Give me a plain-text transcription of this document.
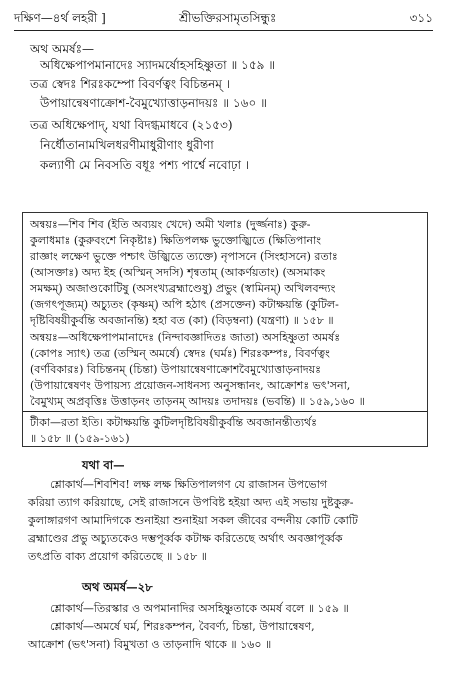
দক্ষিণ—৪র্থ লহরী ]	শ্রীভক্তিরসামৃতসিন্ধুঃ	৩১১
অথ অমর্ষঃ—
অধিক্ষেপাপমানাদেঃ স্যাদমর্ষোহসহিষ্ণুতা ॥ ১৫৯ ॥
তত্র স্বেদঃ শিরঃকম্পো বিবর্ণত্বং বিচিন্তনম্ ।
উপায়ান্বেষণাক্রোশ-বৈমুখ্যোত্তাড়নাদয়ঃ ॥ ১৬০ ॥
তত্র অধিক্ষেপাদ্, যথা বিদগ্ধমাধবে (২১৫৩)
নির্ধৌতানামখিলধরণীমাধুরীণাং ধুরীণা
কল্যাণী মে নিবসতি বধূঃ পশ্য পার্শ্বে নবোঢ়া ।
অন্বয়ঃ—শিব শিব (ইতি অব্যয়ং খেদে) অমী খলাঃ (দুর্জ্জনাঃ) কুরু-
কুলাধমাঃ (কুরুবংশে নিকৃষ্টাঃ) ক্ষিতিপলক্ষ ভুক্তোজ্ঝিতে (ক্ষিতিপানাং
রাজ্ঞাং লক্ষেণ ভুক্তে পশ্চাৎ উজ্ঝিতে ত্যক্তে) নৃপাসনে (সিংহাসনে) রতাঃ
(আসক্তাঃ) অদ্য ইহ (অস্মিন্ সদসি) শৃন্বতাম্ (আকর্ণয়তাং) (অসমাকং
সমক্ষম্) অজাণ্ডকোটিষু (অসংখ্যব্রহ্মাণ্ডেষু) প্রভুং (স্বামিনম্) অখিলবন্দ্যং
(জগৎপূজ্যম্) অচ্যুতং (কৃষ্ণম্) অপি হঠাৎ (প্রসক্তেন) কটাক্ষয়ন্তি (কুটিল-
দৃষ্টিবিষয়ীকুর্বন্তি অবজানন্তি) হহা বত (কা) (বিড়ম্বনা) (যন্ত্রণা) ॥ ১৫৮ ॥
অন্বয়ঃ—অধিক্ষেপাপমানাদেঃ (নিন্দাবজ্ঞাদিতঃ জাতা) অসহিষ্ণুতা অমর্ষঃ
(কোপঃ স্যাৎ) তত্র (তস্মিন্ অমর্ষে) স্বেদঃ (ঘর্মঃ) শিরঃকম্পঃ, বিবর্ণত্বং
(বর্ণবিকারঃ) বিচিন্তনম্ (চিন্তা) উপায়ান্বেষণাক্রোশবৈমুখ্যোত্তাড়নাদয়ঃ
(উপায়ান্বেষণং উপায়স্য প্রয়োজন-সাধনস্য অনুসন্ধানং, আক্রোশঃ ভৎ'সনা,
বৈমুখ্যম্ অপ্রবৃত্তিঃ উত্তাড়নং তাড়নম্ আদয়ঃ তদাদয়ঃ (ভবন্তি) ॥ ১৫৯,১৬০ ॥
টীকা—রতা ইতি। কটাক্ষয়ন্তি কুটিলদৃষ্টিবিষয়ীকুর্বন্তি অবজানন্তীত্যর্থঃ
॥ ১৫৮ ॥ (১৫৯-১৬১)
যথা বা—
শ্লোকার্থ—শিবশিব! লক্ষ লক্ষ ক্ষিতিপালগণ যে রাজাসন উপভোগ
করিয়া ত্যাগ করিয়াছে, সেই রাজাসনে উপবিষ্ট হইয়া অদ্য এই সভায় দুষ্টকুরু-
কুলাঙ্গারগণ আমাদিগকে শুনাইয়া শুনাইয়া সকল জীবের বন্দনীয় কোটি কোটি
ব্রহ্মাণ্ডের প্রভু অচ্যুতকেও দম্ভপূর্ব্বক কটাক্ষ করিতেছে অর্থাৎ অবজ্ঞাপূর্ব্বক
তৎপ্রতি বাক্য প্রয়োগ করিতেছে ॥ ১৫৮ ॥
অথ অমর্ষ—২৮
শ্লোকার্থ—তিরস্কার ও অপমানাদির অসহিষ্ণুতাকে অমর্ষ বলে ॥ ১৫৯ ॥
শ্লোকার্থ—অমর্ষে ঘর্ম, শিরঃকম্পন, বৈবর্ণ্য, চিন্তা, উপায়ান্বেষণ,
আক্রোশ (ভৎ'সনা) বিমুখতা ও তাড়নাদি থাকে ॥ ১৬০ ॥
